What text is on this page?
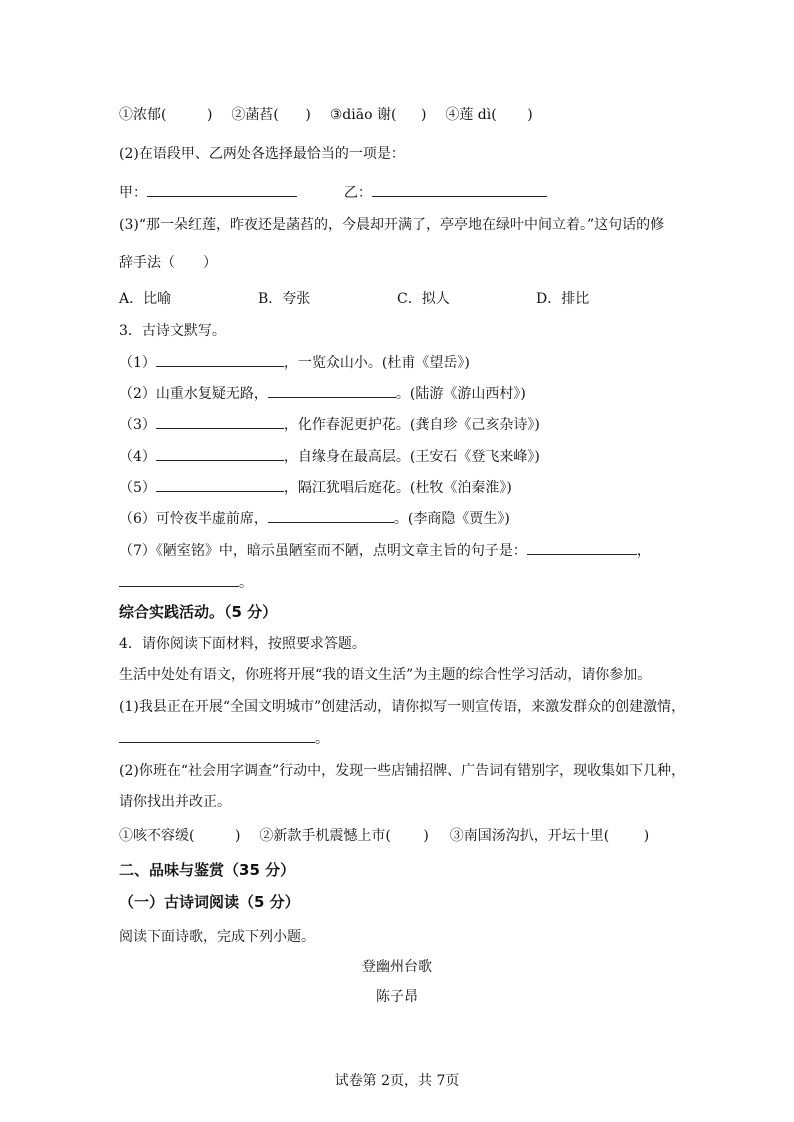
①浓郁(	) ②菡萏( ) ③diāo 谢( ) ④莲 dì( )
(2)在语段甲、乙两处各选择最恰当的一项是：
甲：	乙：
(3)“那一朵红莲，昨夜还是菡萏的，今晨却开满了，亭亭地在绿叶中间立着。”这句话的修
辞手法（　　）
A．比喻	B．夸张	C．拟人	D．排比
3．古诗文默写。
（1）	，一览众山小。(杜甫《望岳》)
（2）山重水复疑无路，	。(陆游《游山西村》)
（3）	，化作春泥更护花。(龚自珍《己亥杂诗》)
（4）	，自缘身在最高层。(王安石《登飞来峰》)
（5）	，隔江犹唱后庭花。(杜牧《泊秦淮》)
（6）可怜夜半虚前席，	。(李商隐《贾生》)
（7）《陋室铭》中，暗示虽陋室而不陋，点明文章主旨的句子是：	，
。
综合实践活动。（5 分）
4．请你阅读下面材料，按照要求答题。
生活中处处有语文，你班将开展“我的语文生活”为主题的综合性学习活动，请你参加。
(1)我县正在开展“全国文明城市”创建活动，请你拟写一则宣传语，来激发群众的创建激情，
。
(2)你班在“社会用字调查”行动中，发现一些店铺招牌、广告词有错别字，现收集如下几种，
请你找出并改正。
①咳不容缓(	) ②新款手机震憾上市( ) ③南国汤沟扒，开坛十里( )
二、品味与鉴赏（35 分）
（一）古诗词阅读（5 分）
阅读下面诗歌，完成下列小题。
登幽州台歌
陈子昂
试卷第 2页，共 7页
